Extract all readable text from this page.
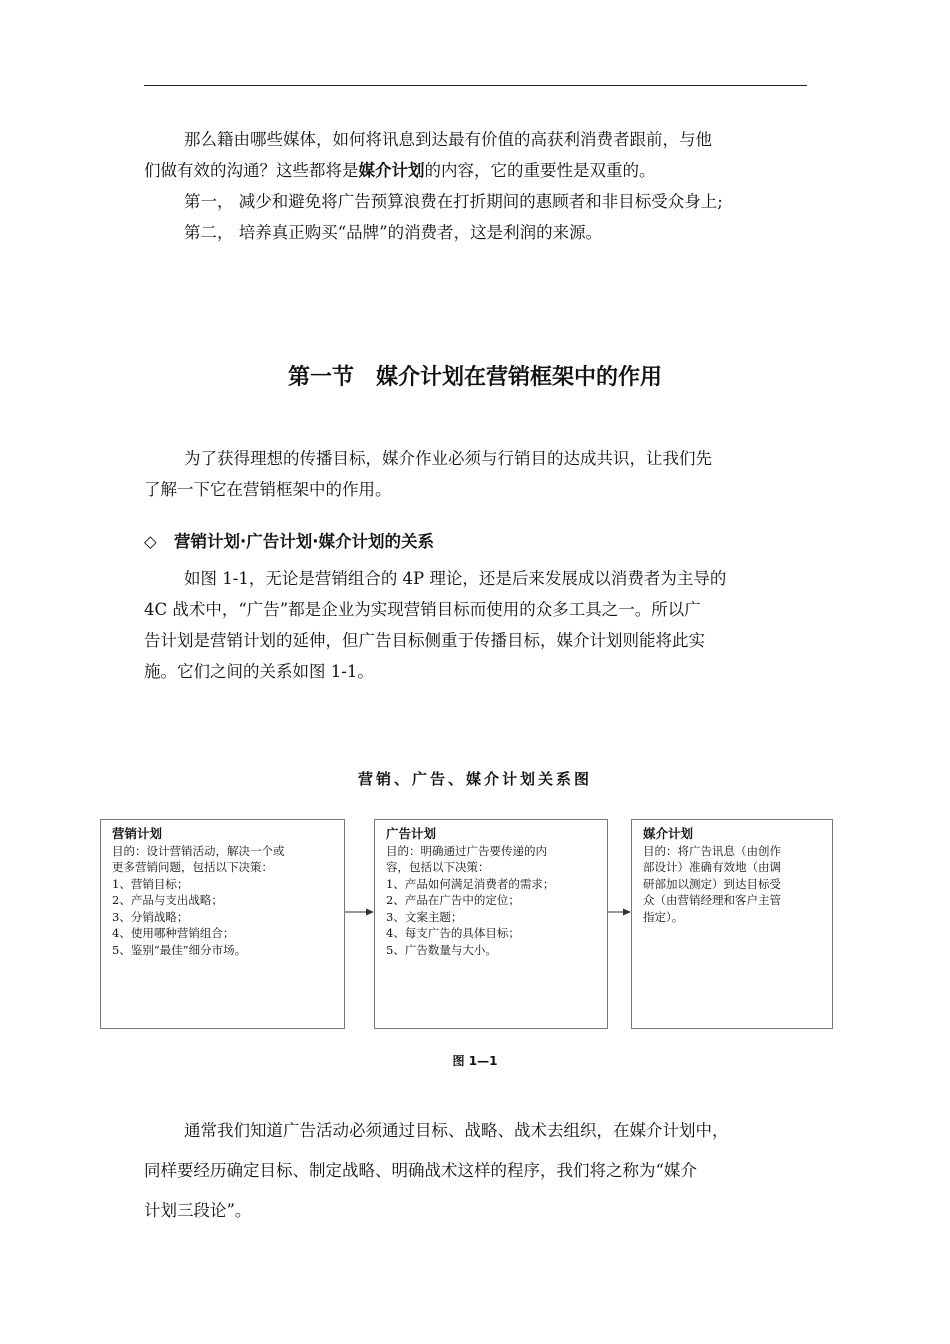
那么籍由哪些媒体，如何将讯息到达最有价值的高获利消费者跟前，与他
们做有效的沟通？这些都将是媒介计划的内容，它的重要性是双重的。
第一， 减少和避免将广告预算浪费在打折期间的惠顾者和非目标受众身上;
第二， 培养真正购买“品牌”的消费者，这是利润的来源。
第一节　媒介计划在营销框架中的作用
为了获得理想的传播目标，媒介作业必须与行销目的达成共识，让我们先
了解一下它在营销框架中的作用。
◇ 营销计划·广告计划·媒介计划的关系
如图 1-1，无论是营销组合的 4P 理论，还是后来发展成以消费者为主导的
4C 战术中，“广告”都是企业为实现营销目标而使用的众多工具之一。所以广
告计划是营销计划的延伸，但广告目标侧重于传播目标，媒介计划则能将此实
施。它们之间的关系如图 1-1。
营销、广告、媒介计划关系图
营销计划
目的：设计营销活动，解决一个或
更多营销问题，包括以下决策：
1、营销目标；
2、产品与支出战略；
3、分销战略；
4、使用哪种营销组合；
5、鉴别“最佳”细分市场。
广告计划
目的：明确通过广告要传递的内
容，包括以下决策：
1、产品如何满足消费者的需求；
2、产品在广告中的定位；
3、文案主题；
4、每支广告的具体目标；
5、广告数量与大小。
媒介计划
目的：将广告讯息（由创作
部设计）准确有效地（由调
研部加以测定）到达目标受
众（由营销经理和客户主管
指定）。
图 1—1
通常我们知道广告活动必须通过目标、战略、战术去组织，在媒介计划中，
同样要经历确定目标、制定战略、明确战术这样的程序，我们将之称为“媒介
计划三段论”。
